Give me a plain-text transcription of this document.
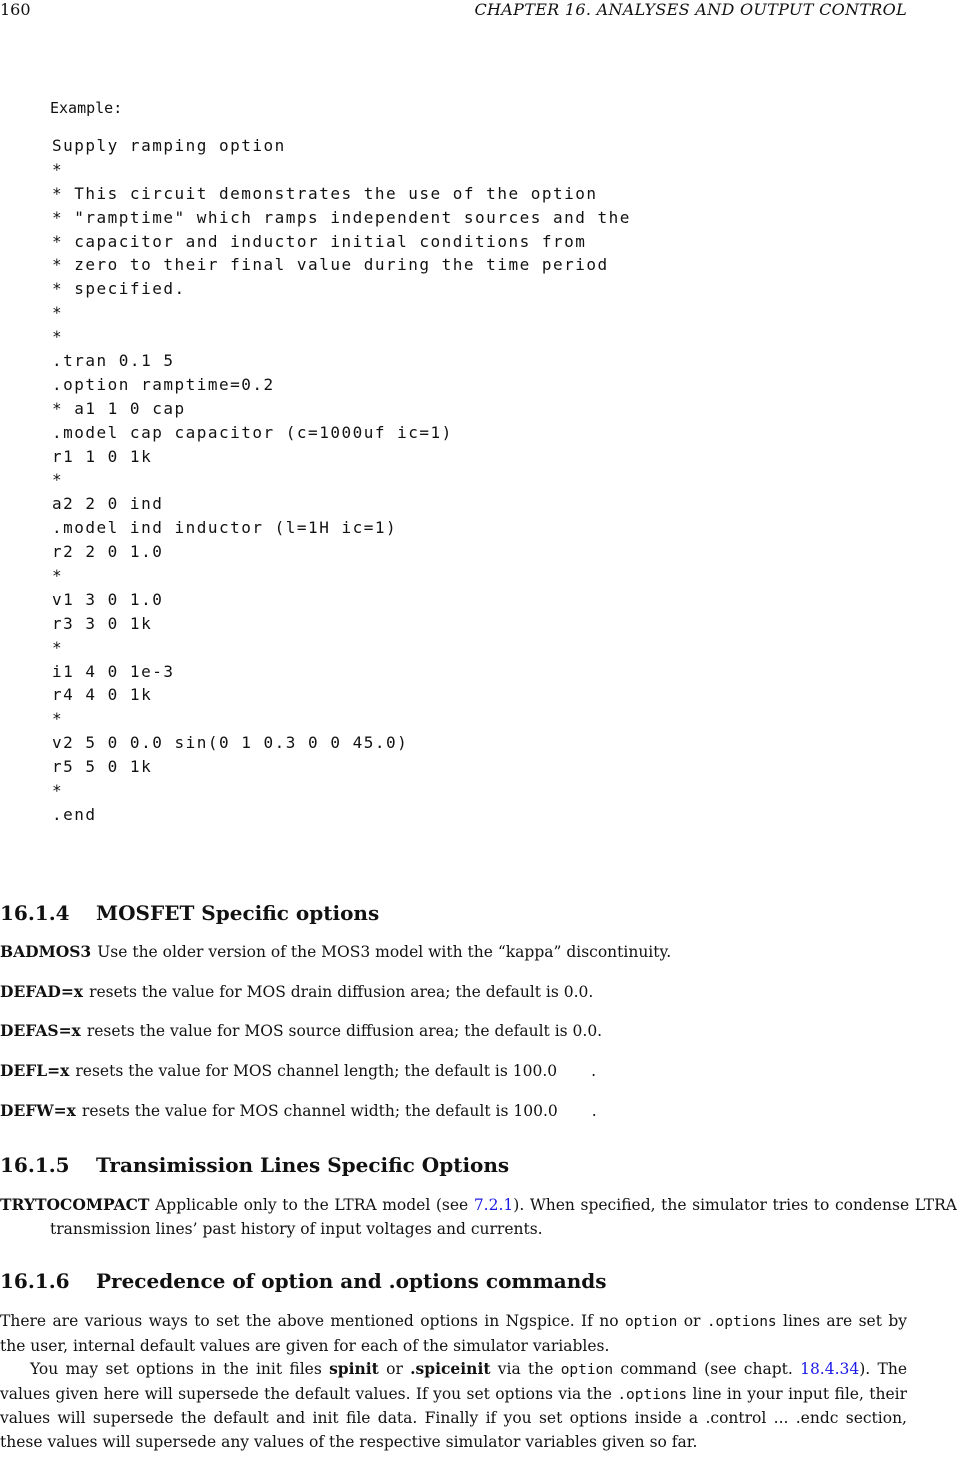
160	CHAPTER 16. ANALYSES AND OUTPUT CONTROL
Example:
Supply ramping option
*
* This circuit demonstrates the use of the option
* "ramptime" which ramps independent sources and the
* capacitor and inductor initial conditions from
* zero to their final value during the time period
* specified.
*
*
.tran 0.1 5
.option ramptime=0.2
* a1 1 0 cap
.model cap capacitor (c=1000uf ic=1)
r1 1 0 1k
*
a2 2 0 ind
.model ind inductor (l=1H ic=1)
r2 2 0 1.0
*
v1 3 0 1.0
r3 3 0 1k
*
i1 4 0 1e-3
r4 4 0 1k
*
v2 5 0 0.0 sin(0 1 0.3 0 0 45.0)
r5 5 0 1k
*
.end
16.1.4 MOSFET Specific options
BADMOS3 Use the older version of the MOS3 model with the “kappa” discontinuity.
DEFAD=x resets the value for MOS drain diffusion area; the default is 0.0.
DEFAS=x resets the value for MOS source diffusion area; the default is 0.0.
DEFL=x resets the value for MOS channel length; the default is 100.0 .
DEFW=x resets the value for MOS channel width; the default is 100.0 .
16.1.5 Transimission Lines Specific Options
TRYTOCOMPACT Applicable only to the LTRA model (see 7.2.1). When specified, the simulator tries to condense LTRA transmission lines’ past history of input voltages and currents.
16.1.6 Precedence of option and .options commands
There are various ways to set the above mentioned options in Ngspice. If no option or .options lines are set by the user, internal default values are given for each of the simulator variables.
You may set options in the init files spinit or .spiceinit via the option command (see chapt. 18.4.34). The values given here will supersede the default values. If you set options via the .options line in your input file, their values will supersede the default and init file data. Finally if you set options inside a .control ... .endc section, these values will supersede any values of the respective simulator variables given so far.
